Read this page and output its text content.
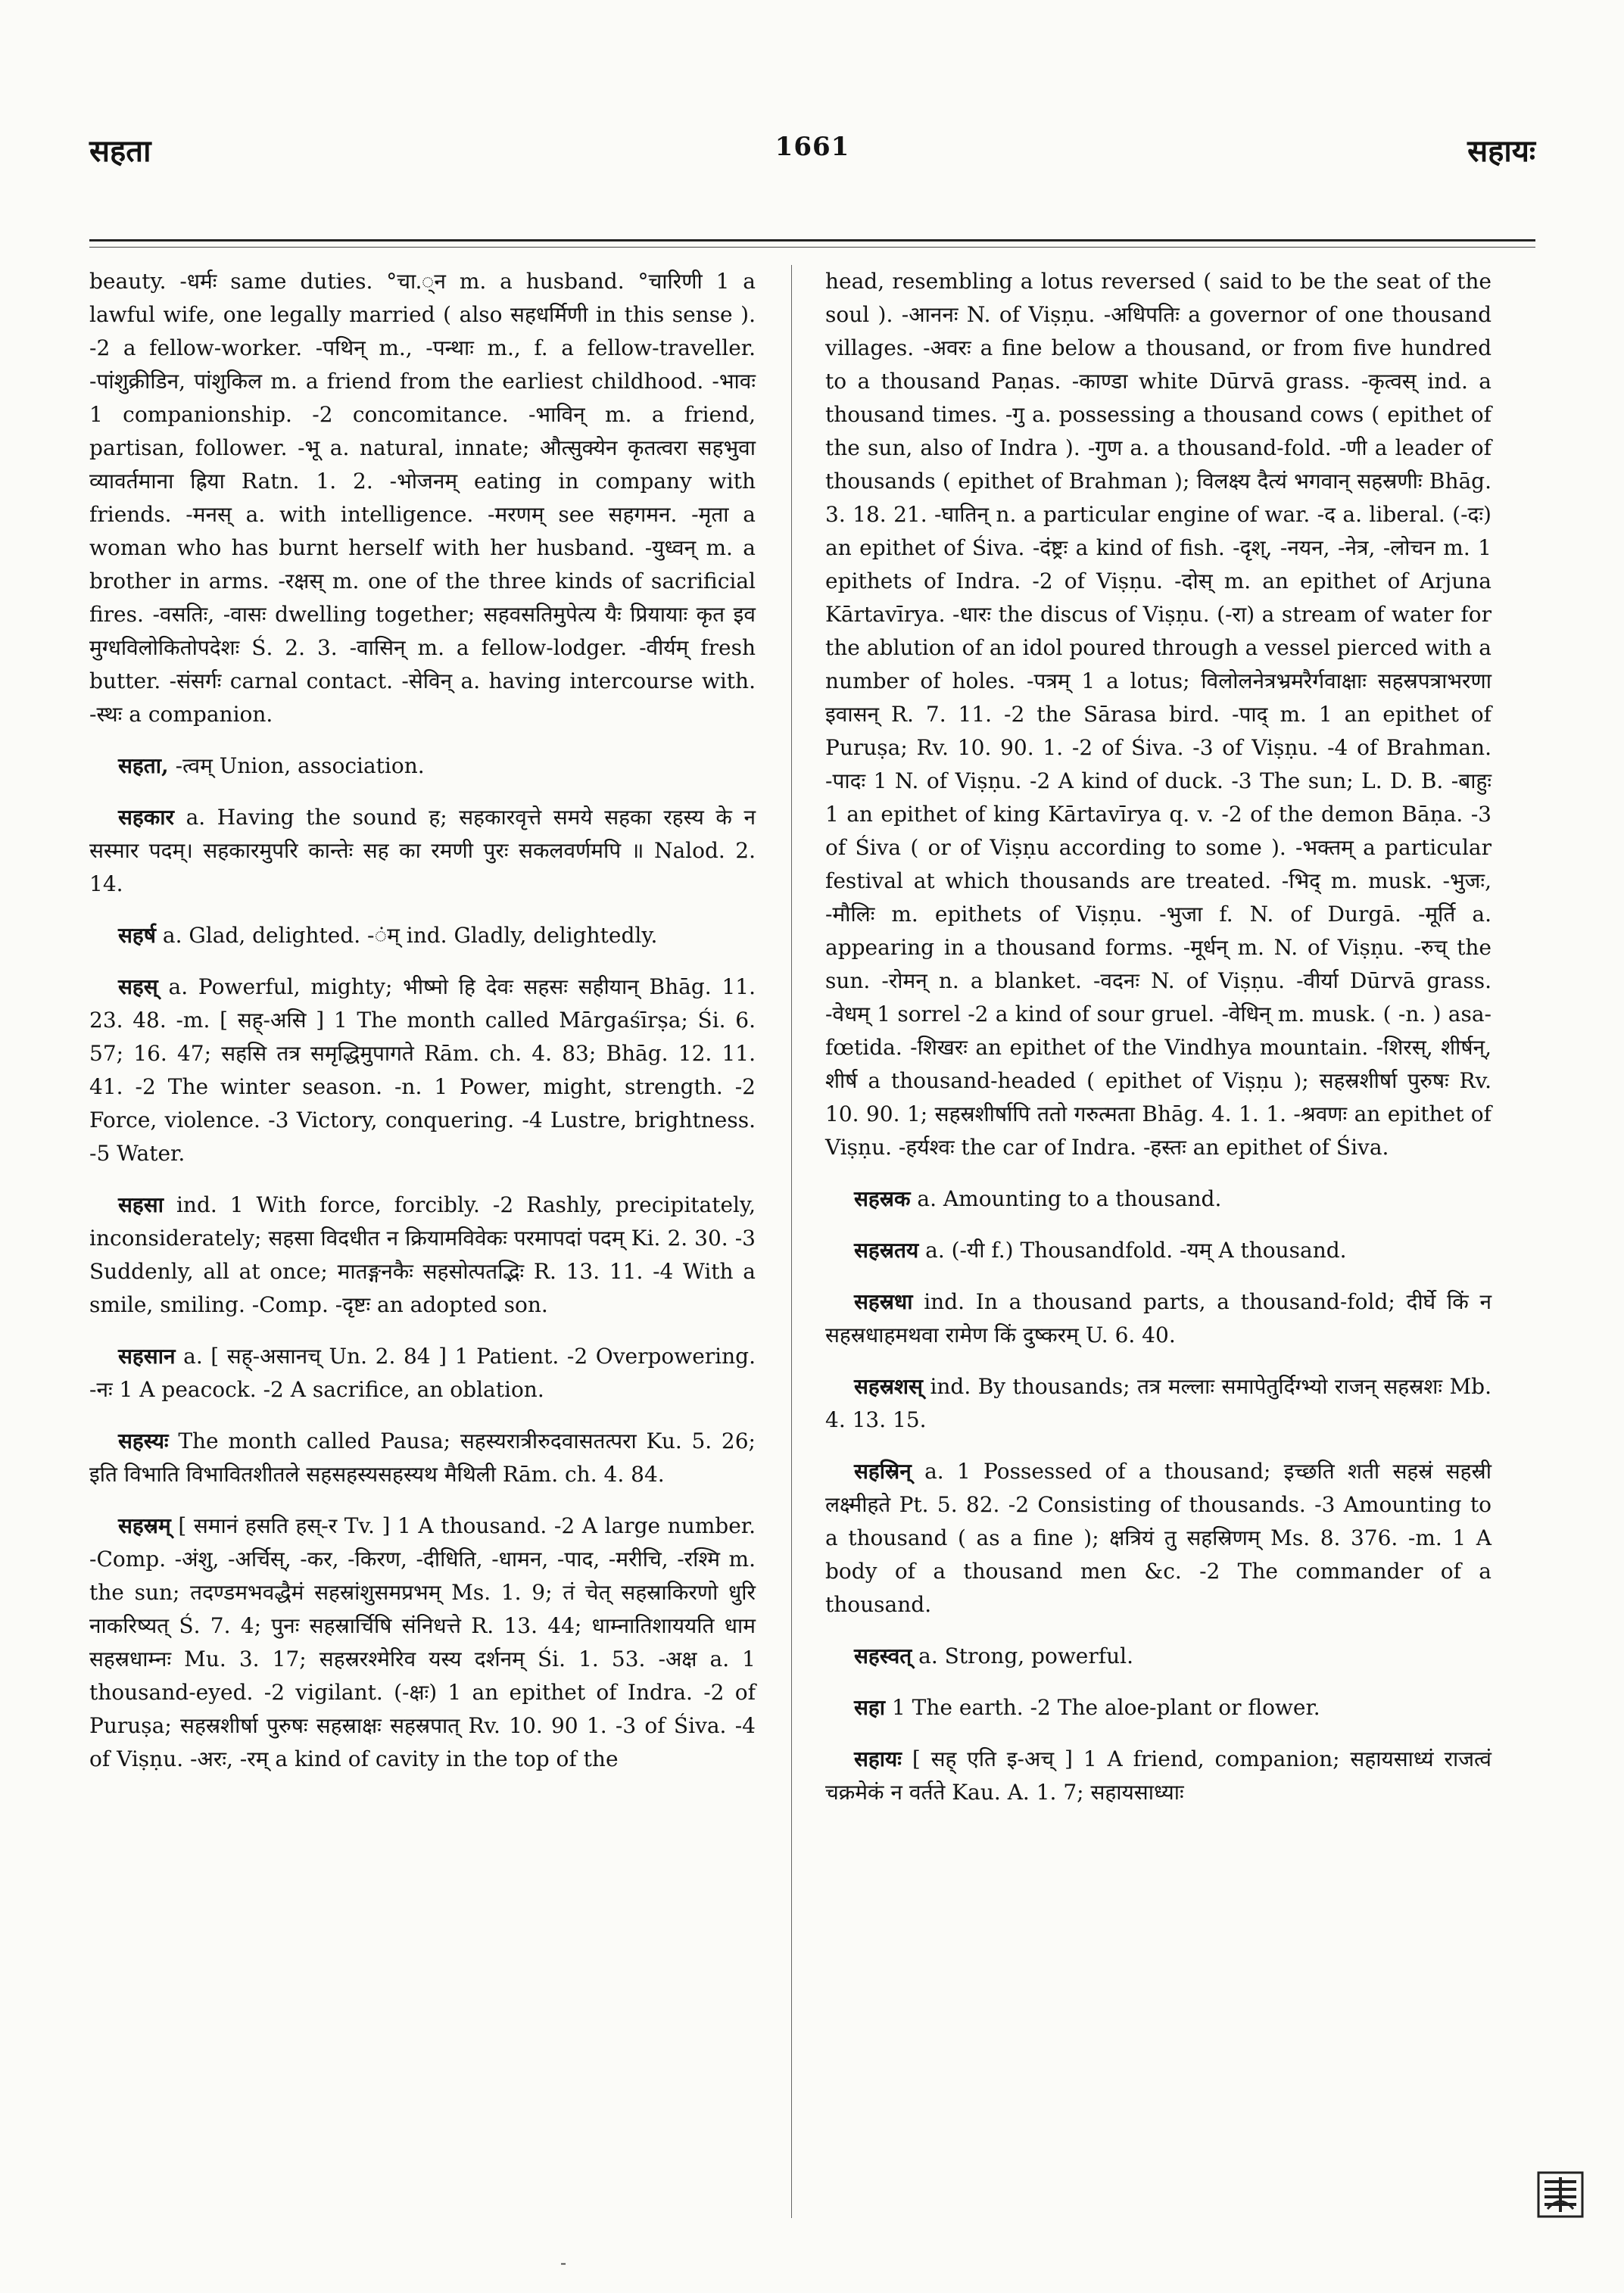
सहता	1661	सहायः

beauty. -धर्मः same duties. °चा.्न m. a husband. °चारिणी 1 a lawful wife, one legally married ( also सहधर्मिणी in this sense ). -2 a fellow-worker. -पथिन् m., -पन्थाः m., f. a fellow-traveller. -पांशुक्रीडिन, पांशुकिल m. a friend from the earliest childhood. -भावः 1 companionship. -2 concomitance. -भाविन् m. a friend, partisan, follower. -भू a. natural, innate; औत्सुक्येन कृतत्वरा सहभुवा व्यावर्तमाना ह्रिया Ratn. 1. 2. -भोजनम् eating in company with friends. -मनस् a. with intelligence. -मरणम् see सहगमन. -मृता a woman who has burnt herself with her husband. -युध्वन् m. a brother in arms. -रक्षस् m. one of the three kinds of sacrificial fires. -वसतिः, -वासः dwelling together; सहवसतिमुपेत्य यैः प्रियायाः कृत इव मुग्धविलोकितोपदेशः Ś. 2. 3. -वासिन् m. a fellow-lodger. -वीर्यम् fresh butter. -संसर्गः carnal contact. -सेविन् a. having intercourse with. -स्थः a companion.

सहता, -त्वम् Union, association.

सहकार a. Having the sound ह; सहकारवृत्ते समये सहका रहस्य के न सस्मार पदम्। सहकारमुपरि कान्तेः सह का रमणी पुरः सकलवर्णमपि ॥ Nalod. 2. 14.

सहर्ष a. Glad, delighted. -ंम् ind. Gladly, delightedly.

सहस् a. Powerful, mighty; भीष्मो हि देवः सहसः सहीयान् Bhāg. 11. 23. 48. -m. [ सह्-असि ] 1 The month called Mārgaśīrṣa; Śi. 6. 57; 16. 47; सहसि तत्र समृद्धिमुपागते Rām. ch. 4. 83; Bhāg. 12. 11. 41. -2 The winter season. -n. 1 Power, might, strength. -2 Force, violence. -3 Victory, conquering. -4 Lustre, brightness. -5 Water.

सहसा ind. 1 With force, forcibly. -2 Rashly, precipitately, inconsiderately; सहसा विदधीत न क्रियामविवेकः परमापदां पदम् Ki. 2. 30. -3 Suddenly, all at once; मातङ्गनकैः सहसोत्पतद्भिः R. 13. 11. -4 With a smile, smiling. -Comp. -दृष्टः an adopted son.

सहसान a. [ सह्-असानच् Un. 2. 84 ] 1 Patient. -2 Overpowering. -नः 1 A peacock. -2 A sacrifice, an oblation.

सहस्यः The month called Pausa; सहस्यरात्रीरुदवासतत्परा Ku. 5. 26; इति विभाति विभावितशीतले सहसहस्यसहस्यथ मैथिली Rām. ch. 4. 84.

सहस्रम् [ समानं हसति हस्-र Tv. ] 1 A thousand. -2 A large number. -Comp. -अंशु, -अर्चिस्, -कर, -किरण, -दीधिति, -धामन, -पाद, -मरीचि, -रश्मि m. the sun; तदण्डमभवद्धैमं सहस्रांशुसमप्रभम् Ms. 1. 9; तं चेत् सहस्राकिरणो धुरि नाकरिष्यत् Ś. 7. 4; पुनः सहस्रार्चिषि संनिधत्ते R. 13. 44; धाम्नातिशाययति धाम सहस्रधाम्नः Mu. 3. 17; सहस्ररश्मेरिव यस्य दर्शनम् Śi. 1. 53. -अक्ष a. 1 thousand-eyed. -2 vigilant. (-क्षः) 1 an epithet of Indra. -2 of Puruṣa; सहस्रशीर्षा पुरुषः सहस्राक्षः सहस्रपात् Rv. 10. 90 1. -3 of Śiva. -4 of Viṣṇu. -अरः, -रम् a kind of cavity in the top of the

head, resembling a lotus reversed ( said to be the seat of the soul ). -आननः N. of Viṣṇu. -अधिपतिः a governor of one thousand villages. -अवरः a fine below a thousand, or from five hundred to a thousand Paṇas. -काण्डा white Dūrvā grass. -कृत्वस् ind. a thousand times. -गु a. possessing a thousand cows ( epithet of the sun, also of Indra ). -गुण a. a thousand-fold. -णी a leader of thousands ( epithet of Brahman ); विलक्ष्य दैत्यं भगवान् सहस्रणीः Bhāg. 3. 18. 21. -घातिन् n. a particular engine of war. -द a. liberal. (-दः) an epithet of Śiva. -दंष्ट्रः a kind of fish. -दृश्, -नयन, -नेत्र, -लोचन m. 1 epithets of Indra. -2 of Viṣṇu. -दोस् m. an epithet of Arjuna Kārtavīrya. -धारः the discus of Viṣṇu. (-रा) a stream of water for the ablution of an idol poured through a vessel pierced with a number of holes. -पत्रम् 1 a lotus; विलोलनेत्रभ्रमरैर्गवाक्षाः सहस्रपत्राभरणा इवासन् R. 7. 11. -2 the Sārasa bird. -पाद् m. 1 an epithet of Puruṣa; Rv. 10. 90. 1. -2 of Śiva. -3 of Viṣṇu. -4 of Brahman. -पादः 1 N. of Viṣṇu. -2 A kind of duck. -3 The sun; L. D. B. -बाहुः 1 an epithet of king Kārtavīrya q. v. -2 of the demon Bāṇa. -3 of Śiva ( or of Viṣṇu according to some ). -भक्तम् a particular festival at which thousands are treated. -भिद् m. musk. -भुजः, -मौलिः m. epithets of Viṣṇu. -भुजा f. N. of Durgā. -मूर्ति a. appearing in a thousand forms. -मूर्धन् m. N. of Viṣṇu. -रुच् the sun. -रोमन् n. a blanket. -वदनः N. of Viṣṇu. -वीर्या Dūrvā grass. -वेधम् 1 sorrel -2 a kind of sour gruel. -वेधिन् m. musk. ( -n. ) asa-fœtida. -शिखरः an epithet of the Vindhya mountain. -शिरस्, शीर्षन्, शीर्ष a thousand-headed ( epithet of Viṣṇu ); सहस्रशीर्षा पुरुषः Rv. 10. 90. 1; सहस्रशीर्षापि ततो गरुत्मता Bhāg. 4. 1. 1. -श्रवणः an epithet of Viṣṇu. -हर्यश्वः the car of Indra. -हस्तः an epithet of Śiva.

सहस्रक a. Amounting to a thousand.

सहस्रतय a. (-यी f.) Thousandfold. -यम् A thousand.

सहस्रधा ind. In a thousand parts, a thousand-fold; दीर्घे किं न सहस्रधाहमथवा रामेण किं दुष्करम् U. 6. 40.

सहस्रशस् ind. By thousands; तत्र मल्लाः समापेतुर्दिग्भ्यो राजन् सहस्रशः Mb. 4. 13. 15.

सहस्रिन् a. 1 Possessed of a thousand; इच्छति शती सहस्रं सहस्री लक्ष्मीहते Pt. 5. 82. -2 Consisting of thousands. -3 Amounting to a thousand ( as a fine ); क्षत्रियं तु सहस्रिणम् Ms. 8. 376. -m. 1 A body of a thousand men &c. -2 The commander of a thousand.

सहस्वत् a. Strong, powerful.

सहा 1 The earth. -2 The aloe-plant or flower.

सहायः [ सह् एति इ-अच् ] 1 A friend, companion; सहायसाध्यं राजत्वं चक्रमेकं न वर्तते Kau. A. 1. 7; सहायसाध्याः

-
